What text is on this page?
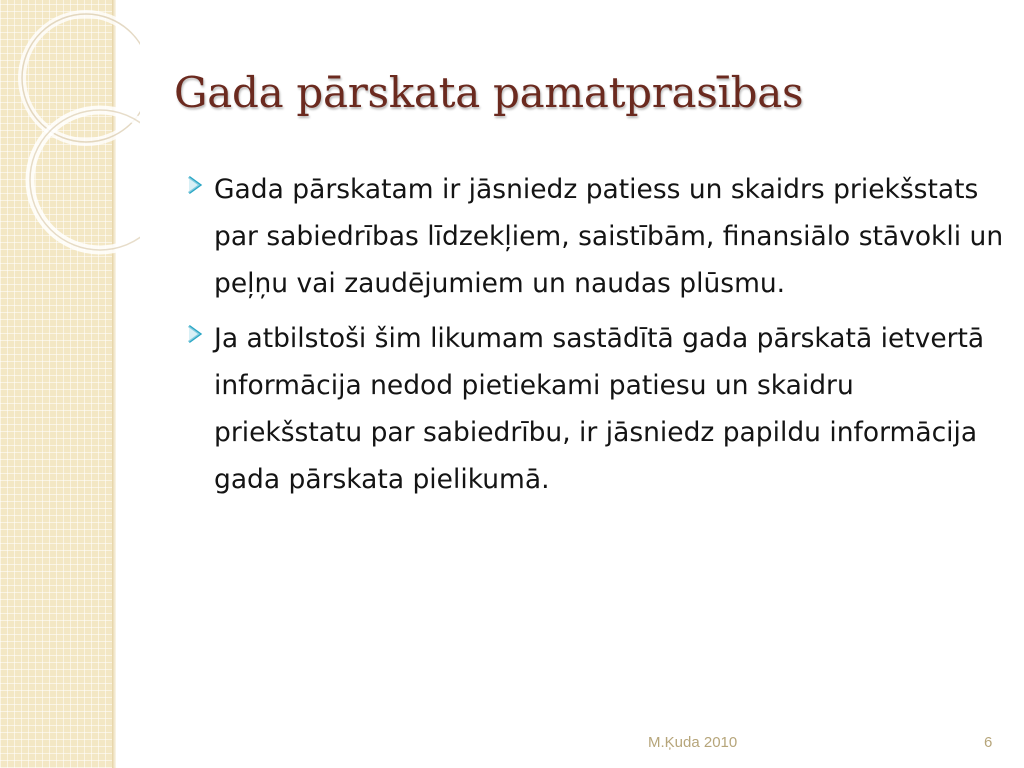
Gada pārskata pamatprasības
Gada pārskatam ir jāsniedz patiess un skaidrs priekšstats par sabiedrības līdzekļiem, saistībām, finansiālo stāvokli un peļņu vai zaudējumiem un naudas plūsmu.
Ja atbilstoši šim likumam sastādītā gada pārskatā ietvertā informācija nedod pietiekami patiesu un skaidru priekšstatu par sabiedrību, ir jāsniedz papildu informācija gada pārskata pielikumā.
M.Ķuda 2010	6
